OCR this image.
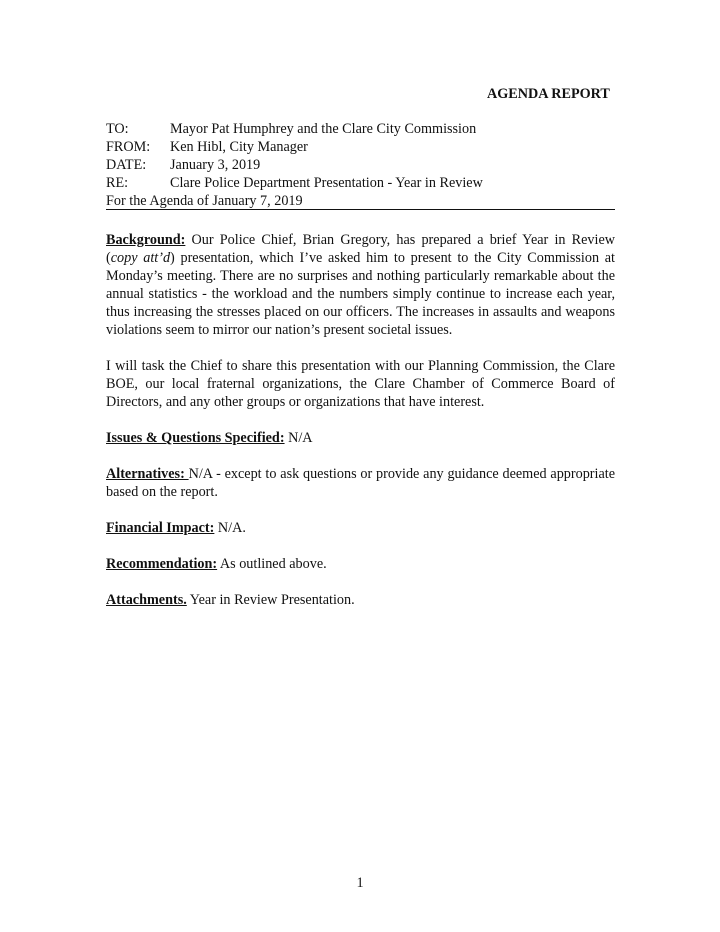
AGENDA REPORT
TO:	Mayor Pat Humphrey and the Clare City Commission
FROM:	Ken Hibl, City Manager
DATE:	January 3, 2019
RE:	Clare Police Department Presentation - Year in Review
For the Agenda of January 7, 2019

Background: Our Police Chief, Brian Gregory, has prepared a brief Year in Review (copy att’d) presentation, which I’ve asked him to present to the City Commission at Monday’s meeting. There are no surprises and nothing particularly remarkable about the annual statistics - the workload and the numbers simply continue to increase each year, thus increasing the stresses placed on our officers. The increases in assaults and weapons violations seem to mirror our nation’s present societal issues.

I will task the Chief to share this presentation with our Planning Commission, the Clare BOE, our local fraternal organizations, the Clare Chamber of Commerce Board of Directors, and any other groups or organizations that have interest.

Issues & Questions Specified: N/A

Alternatives: N/A - except to ask questions or provide any guidance deemed appropriate based on the report.

Financial Impact: N/A.

Recommendation: As outlined above.

Attachments. Year in Review Presentation.

1
